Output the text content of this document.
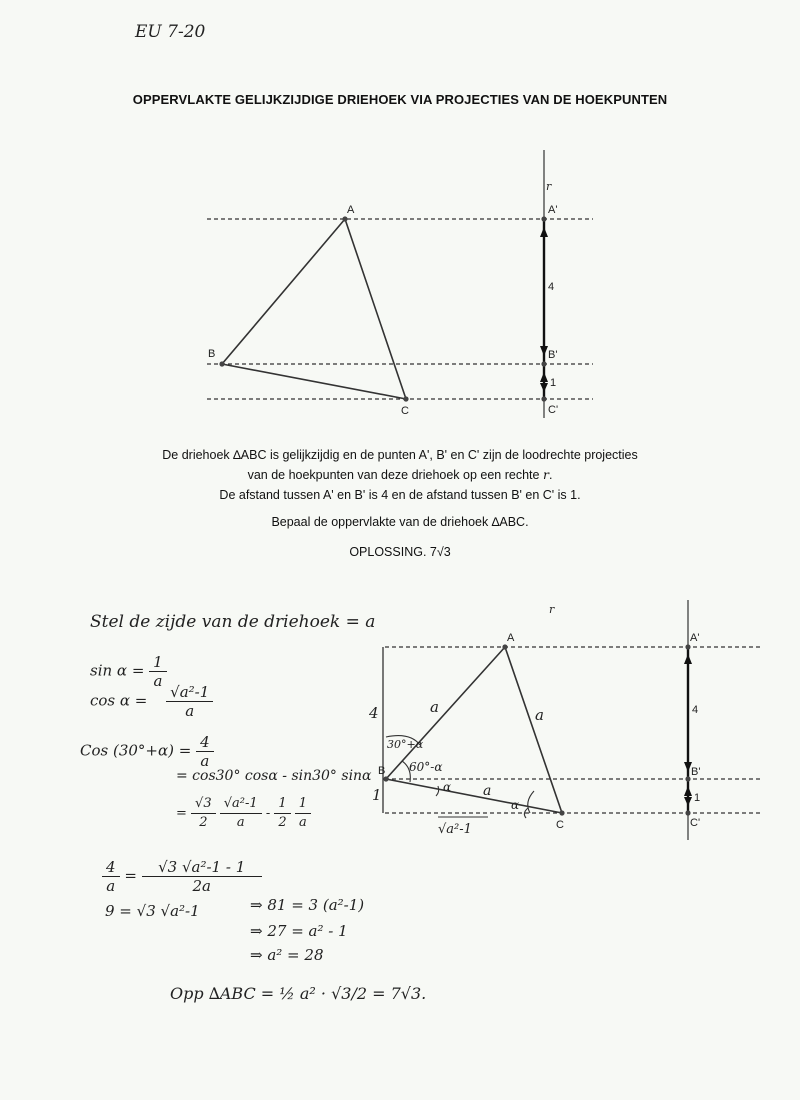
EU 7-20
OPPERVLAKTE GELIJKZIJDIGE DRIEHOEK VIA PROJECTIES VAN DE HOEKPUNTEN
r
A
B
C
A'
B'
C'
4
1

De driehoek ∆ABC is gelijkzijdig en de punten A', B' en C' zijn de loodrechte projecties

van de hoekpunten van deze driehoek op een rechte r.

De afstand tussen A' en B' is 4 en de afstand tussen B' en C' is 1.

Bepaal de oppervlakte van de driehoek ∆ABC.
OPLOSSING. 7√3
r
A
B
C
A'
B'
C'
4
1
4
1
a	a
a
30°+α
60°-α
α
α
√a²-1
Stel de zijde van de driehoek = a
$\sin \alpha = \frac{1}{a}$
$\cos \alpha = \frac{\text{√a²-1}}{a}$
Cos $(30^\circ+\alpha) = \frac{4}{a}$
= cos30° cosα - sin30° sinα
= $\frac{√3}{2}$
$\frac{\text{√a²-1}}{a} - \frac{1}{2}$
$\frac{1}{a}$
$\frac{4}{a} = \frac{\text{√3 √a²-1 - 1}}{2a}$
9 = √3 √a²-1	⇒ 81 = 3 (a²-1)
⇒ 27 = a² - 1
⇒ a² = 28
Opp ∆ABC = ½ a² · √3/2 = 7√3.
